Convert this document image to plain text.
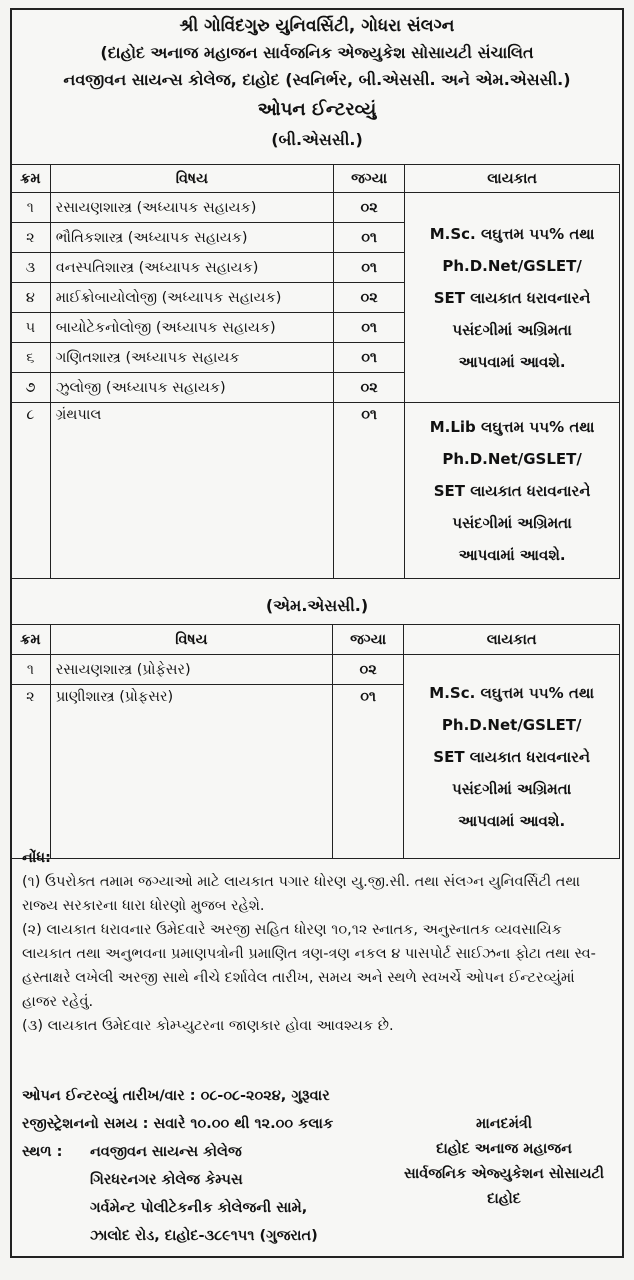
શ્રી ગોવિંદગુરુ યુનિવર્સિટી, ગોધરા સંલગ્ન
(દાહોદ અનાજ મહાજન સાર્વજનિક એજ્યુકેશ સોસાયટી સંચાલિત
નવજીવન સાયન્સ કોલેજ, દાહોદ (સ્વનિર્ભર, બી.એસસી. અને એમ.એસસી.)
ઓપન ઈન્ટરવ્યું
(બી.એસસી.)
ક્રમ	વિષય	જગ્યા	લાયકાત
૧	રસાયણશાસ્ત્ર (અધ્યાપક સહાયક)	૦૨	M.Sc. લઘુત્તમ ૫૫% તથા
Ph.D.Net/GSLET/
SET લાયકાત ધરાવનારને
પસંદગીમાં અગ્રિમતા
આપવામાં આવશે.

૨	ભૌતિકશાસ્ત્ર (અધ્યાપક સહાયક)	૦૧	
૩	વનસ્પતિશાસ્ત્ર (અધ્યાપક સહાયક)	૦૧	
૪	માઈક્રોબાયોલોજી (અધ્યાપક સહાયક)	૦૨	
૫	બાયોટેકનોલોજી (અધ્યાપક સહાયક)	૦૧	
૬	ગણિતશાસ્ત્ર (અધ્યાપક સહાયક	૦૧	
૭	ઝુલોજી (અધ્યાપક સહાયક)	૦૨	
૮	ગ્રંથપાલ	૦૧	M.Lib લઘુત્તમ ૫૫% તથા
Ph.D.Net/GSLET/
SET લાયકાત ધરાવનારને
પસંદગીમાં અગ્રિમતા
આપવામાં આવશે.
(એમ.એસસી.)
ક્રમ	વિષય	જગ્યા	લાયકાત
૧	રસાયણશાસ્ત્ર (પ્રોફેસર)	૦૨	M.Sc. લઘુત્તમ ૫૫% તથા
Ph.D.Net/GSLET/
SET લાયકાત ધરાવનારને
પસંદગીમાં અગ્રિમતા
આપવામાં આવશે.

૨	પ્રાણીશાસ્ત્ર (પ્રોફસર)	૦૧	

નોંધ:

(૧) ઉપરોક્ત તમામ જગ્યાઓ માટે લાયકાત પગાર ધોરણ યુ.જી.સી. તથા સંલગ્ન યુનિવર્સિટી તથા રાજ્ય સરકારના ધારા ધોરણો મુજબ રહેશે.

(૨) લાયકાત ધરાવનાર ઉમેદવારે અરજી સહિત ધોરણ ૧૦,૧૨ સ્નાતક, અનુસ્નાતક વ્યવસાયિક લાયકાત તથા અનુભવના પ્રમાણપત્રોની પ્રમાણિત ત્રણ-ત્રણ નકલ ૪ પાસપોર્ટ સાઈઝના ફોટા તથા સ્વ-હસ્તાક્ષરે લખેલી અરજી સાથે નીચે દર્શાવેલ તારીખ, સમય અને સ્થળે સ્વખર્ચે ઓપન ઈન્ટરવ્યુંમાં હાજર રહેવું.

(૩) લાયકાત ઉમેદવાર કોમ્પ્યુટરના જાણકાર હોવા આવશ્યક છે.

ઓપન ઈન્ટરવ્યું તારીખ/વાર : ૦૮-૦૮-૨૦૨૪, ગુરૂવાર
રજીસ્ટ્રેશનનો સમય : સવારે ૧૦.૦૦ થી ૧૨.૦૦ કલાક
સ્થળ : નવજીવન સાયન્સ કોલેજ
ગિરધરનગર કોલેજ કેમ્પસ
ગર્વમેન્ટ પોલીટેકનીક કોલેજની સામે,
ઝાલોદ રોડ, દાહોદ-૩૮૯૧૫૧ (ગુજરાત)
માનદમંત્રી
દાહોદ અનાજ મહાજન
સાર્વજનિક એજ્યુકેશન સોસાયટી
દાહોદ
